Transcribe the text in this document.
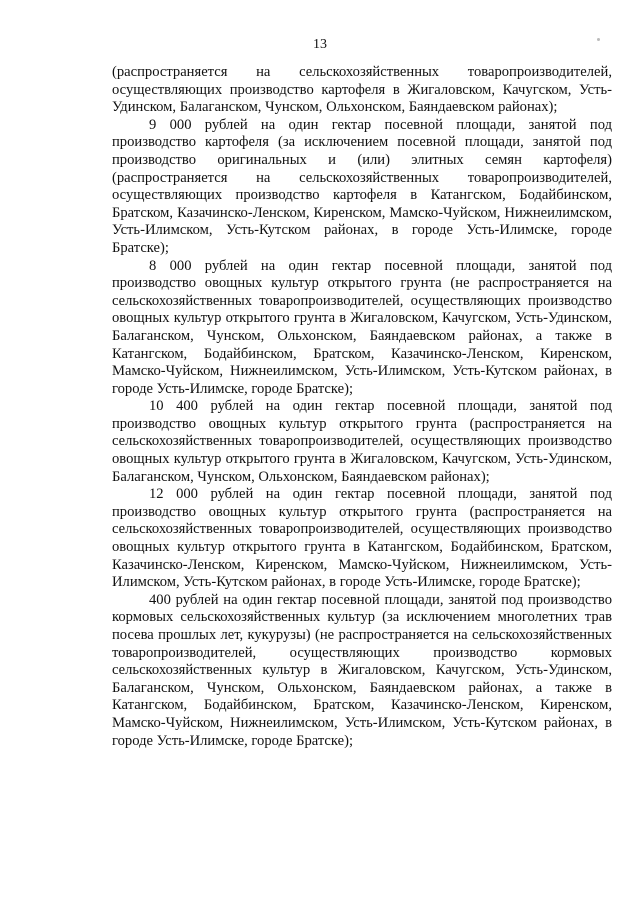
13

(распространяется на сельскохозяйственных товаропроизводителей, осуществляющих производство картофеля в Жигаловском, Качугском, Усть-Удинском, Балаганском, Чунском, Ольхонском, Баяндаевском районах);

9 000 рублей на один гектар посевной площади, занятой под производство картофеля (за исключением посевной площади, занятой под производство оригинальных и (или) элитных семян картофеля) (распространяется на сельскохозяйственных товаропроизводителей, осуществляющих производство картофеля в Катангском, Бодайбинском, Братском, Казачинско-Ленском, Киренском, Мамско-Чуйском, Нижнеилимском, Усть-Илимском, Усть-Кутском районах, в городе Усть-Илимске, городе Братске);

8 000 рублей на один гектар посевной площади, занятой под производство овощных культур открытого грунта (не распространяется на сельскохозяйственных товаропроизводителей, осуществляющих производство овощных культур открытого грунта в Жигаловском, Качугском, Усть-Удинском, Балаганском, Чунском, Ольхонском, Баяндаевском районах, а также в Катангском, Бодайбинском, Братском, Казачинско-Ленском, Киренском, Мамско-Чуйском, Нижнеилимском, Усть-Илимском, Усть-Кутском районах, в городе Усть-Илимске, городе Братске);

10 400 рублей на один гектар посевной площади, занятой под производство овощных культур открытого грунта (распространяется на сельскохозяйственных товаропроизводителей, осуществляющих производство овощных культур открытого грунта в Жигаловском, Качугском, Усть-Удинском, Балаганском, Чунском, Ольхонском, Баяндаевском районах);

12 000 рублей на один гектар посевной площади, занятой под производство овощных культур открытого грунта (распространяется на сельскохозяйственных товаропроизводителей, осуществляющих производство овощных культур открытого грунта в Катангском, Бодайбинском, Братском, Казачинско-Ленском, Киренском, Мамско-Чуйском, Нижнеилимском, Усть-Илимском, Усть-Кутском районах, в городе Усть-Илимске, городе Братске);

400 рублей на один гектар посевной площади, занятой под производство кормовых сельскохозяйственных культур (за исключением многолетних трав посева прошлых лет, кукурузы) (не распространяется на сельскохозяйственных товаропроизводителей, осуществляющих производство кормовых сельскохозяйственных культур в Жигаловском, Качугском, Усть-Удинском, Балаганском, Чунском, Ольхонском, Баяндаевском районах, а также в Катангском, Бодайбинском, Братском, Казачинско-Ленском, Киренском, Мамско-Чуйском, Нижнеилимском, Усть-Илимском, Усть-Кутском районах, в городе Усть-Илимске, городе Братске);
